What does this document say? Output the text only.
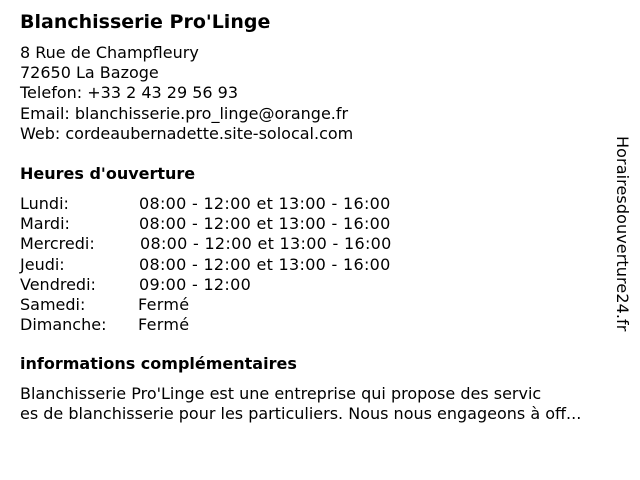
Blanchisserie Pro'Linge
8 Rue de Champfleury
72650 La Bazoge
Telefon: +33 2 43 29 56 93
Email: blanchisserie.pro_linge@orange.fr
Web: cordeaubernadette.site-solocal.com
Heures d'ouverture
Lundi:	08:00 - 12:00 et 13:00 - 16:00
Mardi:	08:00 - 12:00 et 13:00 - 16:00
Mercredi:	08:00 - 12:00 et 13:00 - 16:00
Jeudi:	08:00 - 12:00 et 13:00 - 16:00
Vendredi:	09:00 - 12:00
Samedi:	Fermé
Dimanche: Fermé
informations complémentaires
Blanchisserie Pro'Linge est une entreprise qui propose des servic
es de blanchisserie pour les particuliers. Nous nous engageons à off...
Horairesdouverture24.fr
